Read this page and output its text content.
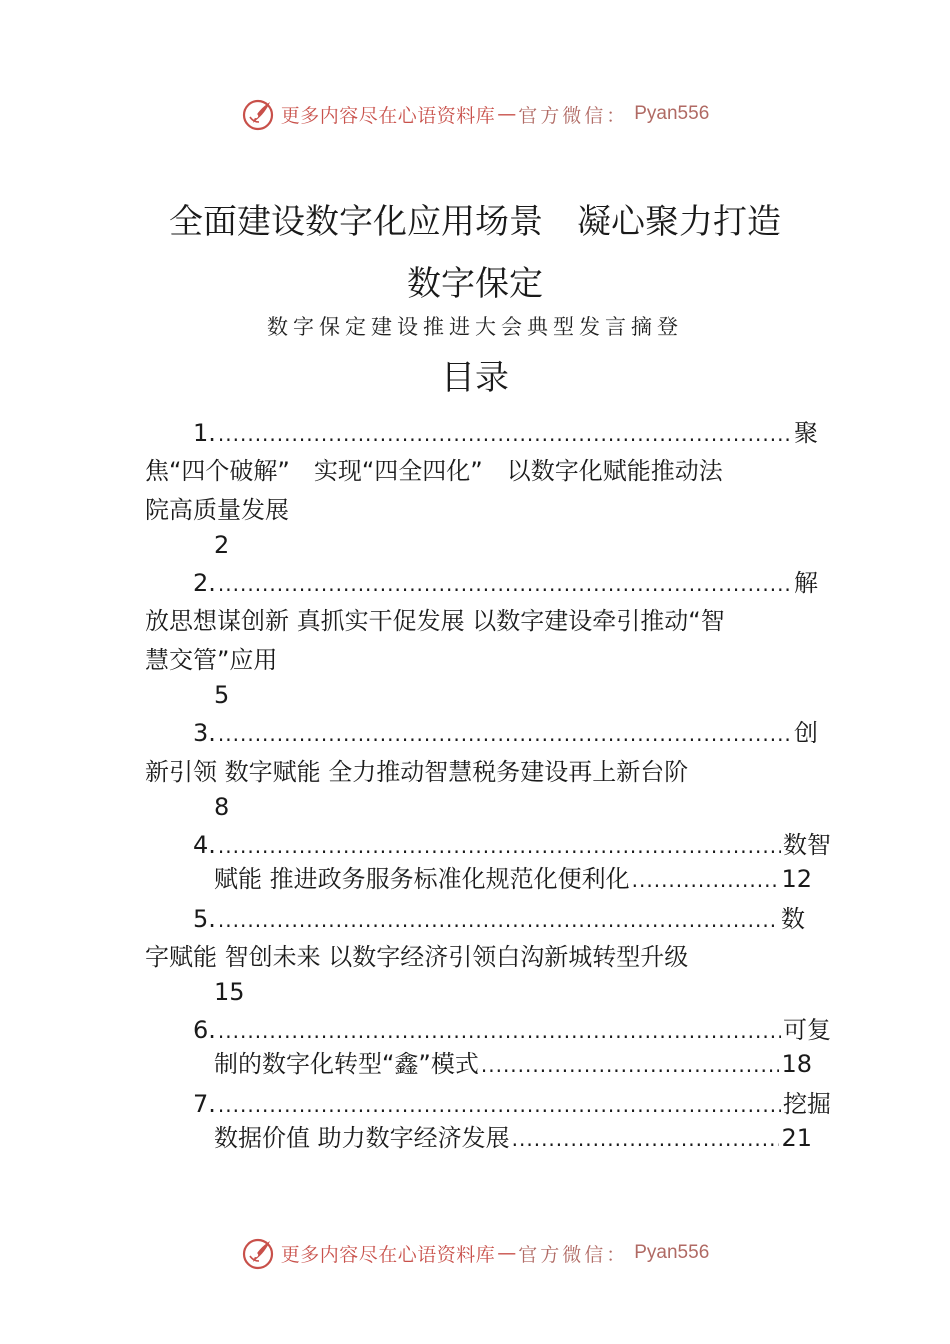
更多内容尽在心语资料库 — 官方微信： Pyan556
全面建设数字化应用场景　凝心聚力打造
数字保定
数字保定建设推进大会典型发言摘登
目录
1. .....	聚
焦“四个破解”　实现“四全四化”　以数字化赋能推动法
院高质量发展
2
2. .....	解
放思想谋创新 真抓实干促发展 以数字建设牵引推动“智
慧交管”应用
5
3. .....	创
新引领 数字赋能 全力推动智慧税务建设再上新台阶
8
4. .....	数智
赋能 推进政务服务标准化规范化便利化 .....	12
5. .....	数
字赋能 智创未来 以数字经济引领白沟新城转型升级
15
6. .....	可复
制的数字化转型“鑫”模式 .....	18
7. .....	挖掘
数据价值 助力数字经济发展 .....	21
更多内容尽在心语资料库 — 官方微信： Pyan556
